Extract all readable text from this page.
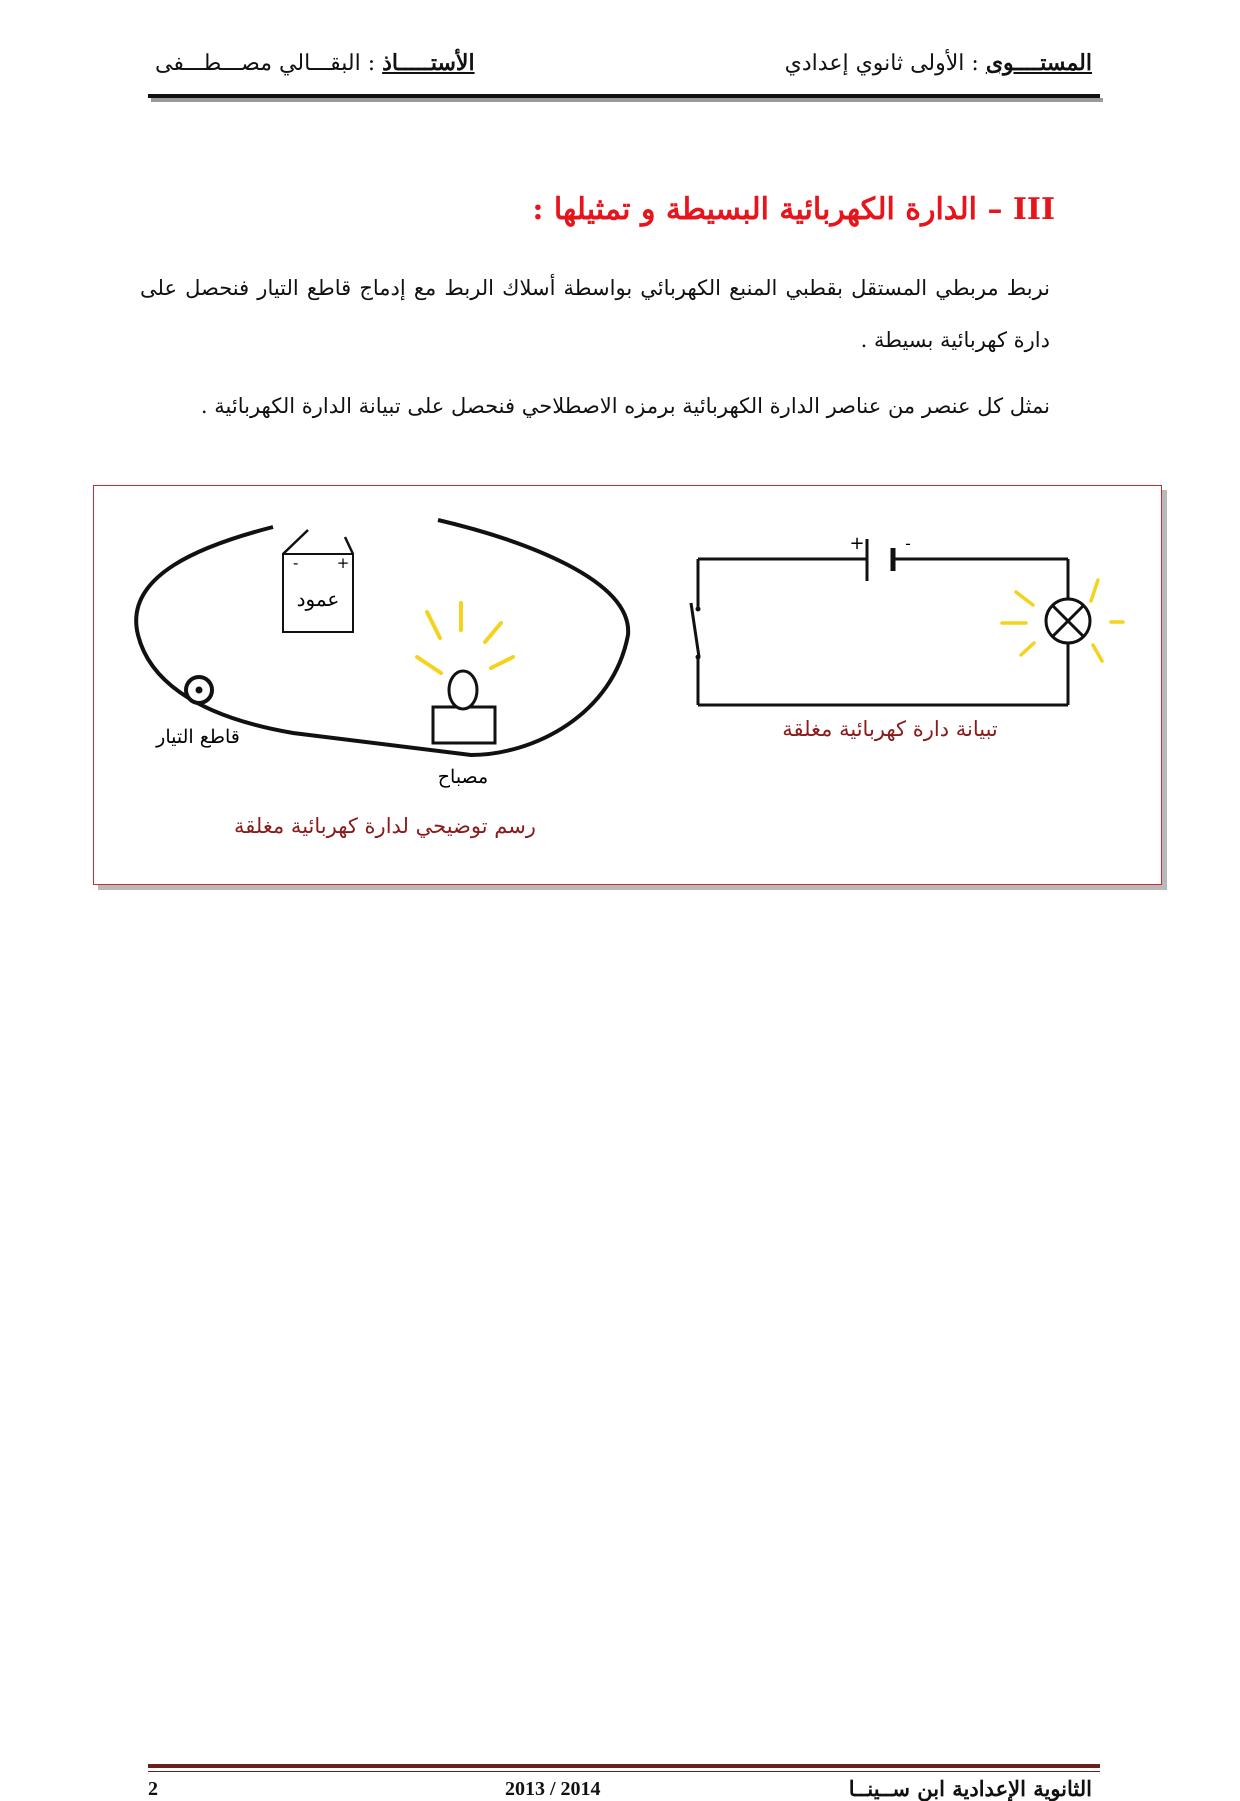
المستــــوى : الأولى ثانوي إعدادي
الأستـــــاذ : البقـــالي مصـــطـــفى
III – الدارة الكهربائية البسيطة و تمثيلها :
نربط مربطي المستقل بقطبي المنبع الكهربائي بواسطة أسلاك الربط مع إدماج قاطع التيار فنحصل على دارة كهربائية بسيطة .
نمثل كل عنصر من عناصر الدارة الكهربائية برمزه الاصطلاحي فنحصل على تبيانة الدارة الكهربائية .
-	+
عمود
قاطع التيار
مصباح
رسم توضيحي لدارة كهربائية مغلقة
+	-
تبيانة دارة كهربائية مغلقة
2	2013 / 2014	الثانوية الإعدادية ابن ســينــا
